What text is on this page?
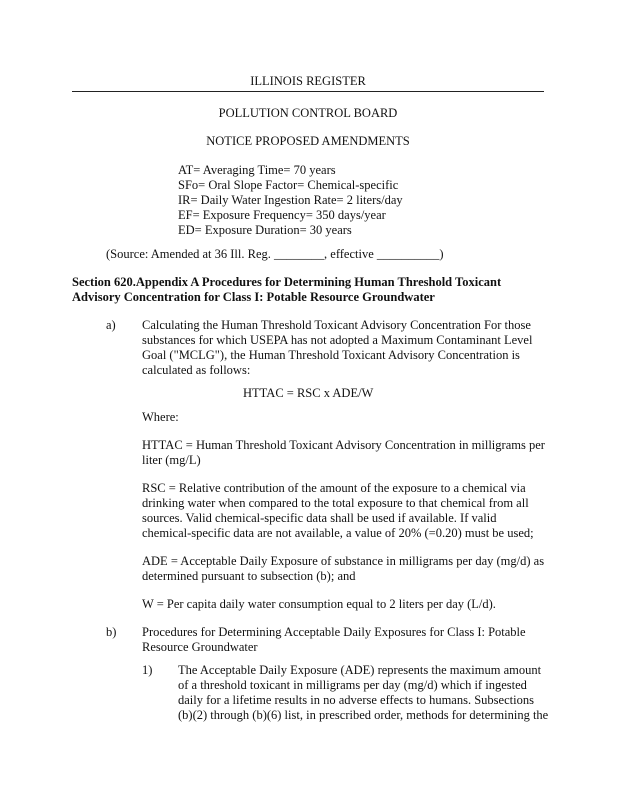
ILLINOIS REGISTER
POLLUTION CONTROL BOARD
NOTICE PROPOSED AMENDMENTS
AT= Averaging Time= 70 years
SFo= Oral Slope Factor= Chemical-specific
IR= Daily Water Ingestion Rate= 2 liters/day
EF= Exposure Frequency= 350 days/year
ED= Exposure Duration= 30 years
(Source: Amended at 36 Ill. Reg. ________, effective __________)
Section 620.Appendix A Procedures for Determining Human Threshold Toxicant
Advisory Concentration for Class I: Potable Resource Groundwater
a) Calculating the Human Threshold Toxicant Advisory Concentration For those
substances for which USEPA has not adopted a Maximum Contaminant Level
Goal ("MCLG"), the Human Threshold Toxicant Advisory Concentration is
calculated as follows:
HTTAC = RSC x ADE/W
Where:
HTTAC = Human Threshold Toxicant Advisory Concentration in milligrams per
liter (mg/L)
RSC = Relative contribution of the amount of the exposure to a chemical via
drinking water when compared to the total exposure to that chemical from all
sources. Valid chemical-specific data shall be used if available. If valid
chemical-specific data are not available, a value of 20% (=0.20) must be used;
ADE = Acceptable Daily Exposure of substance in milligrams per day (mg/d) as
determined pursuant to subsection (b); and
W = Per capita daily water consumption equal to 2 liters per day (L/d).
b) Procedures for Determining Acceptable Daily Exposures for Class I: Potable
Resource Groundwater
1) The Acceptable Daily Exposure (ADE) represents the maximum amount
of a threshold toxicant in milligrams per day (mg/d) which if ingested
daily for a lifetime results in no adverse effects to humans. Subsections
(b)(2) through (b)(6) list, in prescribed order, methods for determining the
